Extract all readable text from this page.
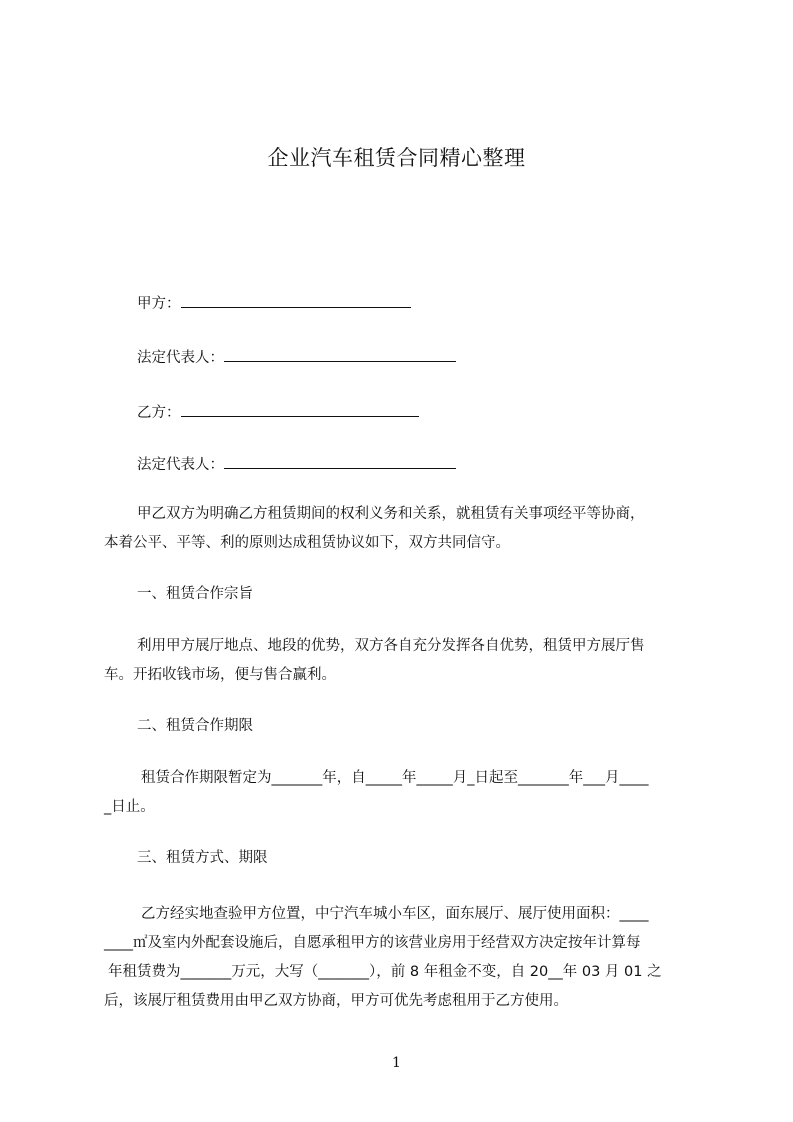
企业汽车租赁合同精心整理
甲方：
法定代表人：
乙方：
法定代表人：
甲乙双方为明确乙方租赁期间的权利义务和关系，就租赁有关事项经平等协商，
本着公平、平等、利的原则达成租赁协议如下，双方共同信守。
一、租赁合作宗旨
利用甲方展厅地点、地段的优势，双方各自充分发挥各自优势，租赁甲方展厅售
车。开拓收钱市场，便与售合赢利。
二、租赁合作期限
租赁合作期限暂定为_______年，自_____年_____月_日起至_______年___月____
_日止。
三、租赁方式、期限
乙方经实地查验甲方位置，中宁汽车城小车区，面东展厅、展厅使用面积：____
____㎡及室内外配套设施后，自愿承租甲方的该营业房用于经营双方决定按年计算每
年租赁费为_______万元，大写（_______），前 8 年租金不变，自 20__年 03 月 01 之
后，该展厅租赁费用由甲乙双方协商，甲方可优先考虑租用于乙方使用。
1
